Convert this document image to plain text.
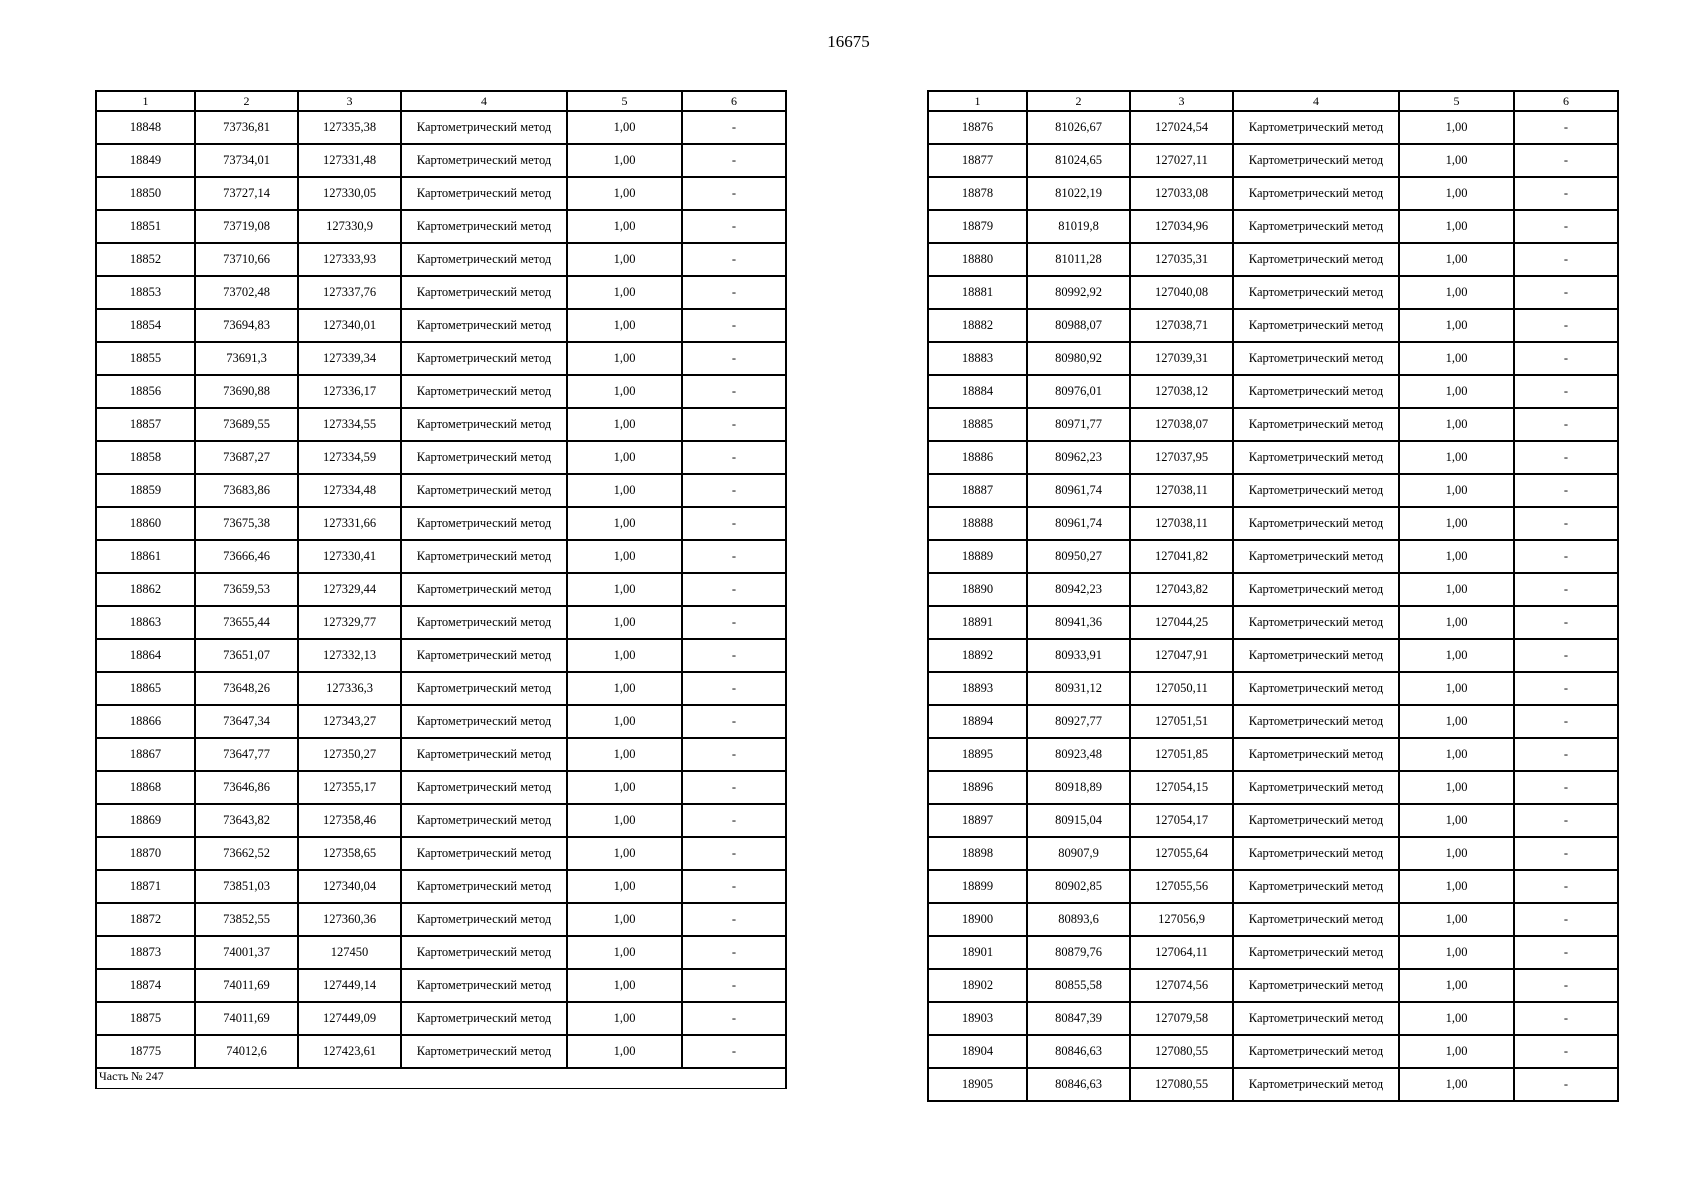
16675
1	2	3	4	5	6
18848	73736,81	127335,38	Картометрический метод	1,00	-
18849	73734,01	127331,48	Картометрический метод	1,00	-
18850	73727,14	127330,05	Картометрический метод	1,00	-
18851	73719,08	127330,9	Картометрический метод	1,00	-
18852	73710,66	127333,93	Картометрический метод	1,00	-
18853	73702,48	127337,76	Картометрический метод	1,00	-
18854	73694,83	127340,01	Картометрический метод	1,00	-
18855	73691,3	127339,34	Картометрический метод	1,00	-
18856	73690,88	127336,17	Картометрический метод	1,00	-
18857	73689,55	127334,55	Картометрический метод	1,00	-
18858	73687,27	127334,59	Картометрический метод	1,00	-
18859	73683,86	127334,48	Картометрический метод	1,00	-
18860	73675,38	127331,66	Картометрический метод	1,00	-
18861	73666,46	127330,41	Картометрический метод	1,00	-
18862	73659,53	127329,44	Картометрический метод	1,00	-
18863	73655,44	127329,77	Картометрический метод	1,00	-
18864	73651,07	127332,13	Картометрический метод	1,00	-
18865	73648,26	127336,3	Картометрический метод	1,00	-
18866	73647,34	127343,27	Картометрический метод	1,00	-
18867	73647,77	127350,27	Картометрический метод	1,00	-
18868	73646,86	127355,17	Картометрический метод	1,00	-
18869	73643,82	127358,46	Картометрический метод	1,00	-
18870	73662,52	127358,65	Картометрический метод	1,00	-
18871	73851,03	127340,04	Картометрический метод	1,00	-
18872	73852,55	127360,36	Картометрический метод	1,00	-
18873	74001,37	127450	Картометрический метод	1,00	-
18874	74011,69	127449,14	Картометрический метод	1,00	-
18875	74011,69	127449,09	Картометрический метод	1,00	-
18775	74012,6	127423,61	Картометрический метод	1,00	-
Часть № 247					
1	2	3	4	5	6
18876	81026,67	127024,54	Картометрический метод	1,00	-
18877	81024,65	127027,11	Картометрический метод	1,00	-
18878	81022,19	127033,08	Картометрический метод	1,00	-
18879	81019,8	127034,96	Картометрический метод	1,00	-
18880	81011,28	127035,31	Картометрический метод	1,00	-
18881	80992,92	127040,08	Картометрический метод	1,00	-
18882	80988,07	127038,71	Картометрический метод	1,00	-
18883	80980,92	127039,31	Картометрический метод	1,00	-
18884	80976,01	127038,12	Картометрический метод	1,00	-
18885	80971,77	127038,07	Картометрический метод	1,00	-
18886	80962,23	127037,95	Картометрический метод	1,00	-
18887	80961,74	127038,11	Картометрический метод	1,00	-
18888	80961,74	127038,11	Картометрический метод	1,00	-
18889	80950,27	127041,82	Картометрический метод	1,00	-
18890	80942,23	127043,82	Картометрический метод	1,00	-
18891	80941,36	127044,25	Картометрический метод	1,00	-
18892	80933,91	127047,91	Картометрический метод	1,00	-
18893	80931,12	127050,11	Картометрический метод	1,00	-
18894	80927,77	127051,51	Картометрический метод	1,00	-
18895	80923,48	127051,85	Картометрический метод	1,00	-
18896	80918,89	127054,15	Картометрический метод	1,00	-
18897	80915,04	127054,17	Картометрический метод	1,00	-
18898	80907,9	127055,64	Картометрический метод	1,00	-
18899	80902,85	127055,56	Картометрический метод	1,00	-
18900	80893,6	127056,9	Картометрический метод	1,00	-
18901	80879,76	127064,11	Картометрический метод	1,00	-
18902	80855,58	127074,56	Картометрический метод	1,00	-
18903	80847,39	127079,58	Картометрический метод	1,00	-
18904	80846,63	127080,55	Картометрический метод	1,00	-
18905	80846,63	127080,55	Картометрический метод	1,00	-
